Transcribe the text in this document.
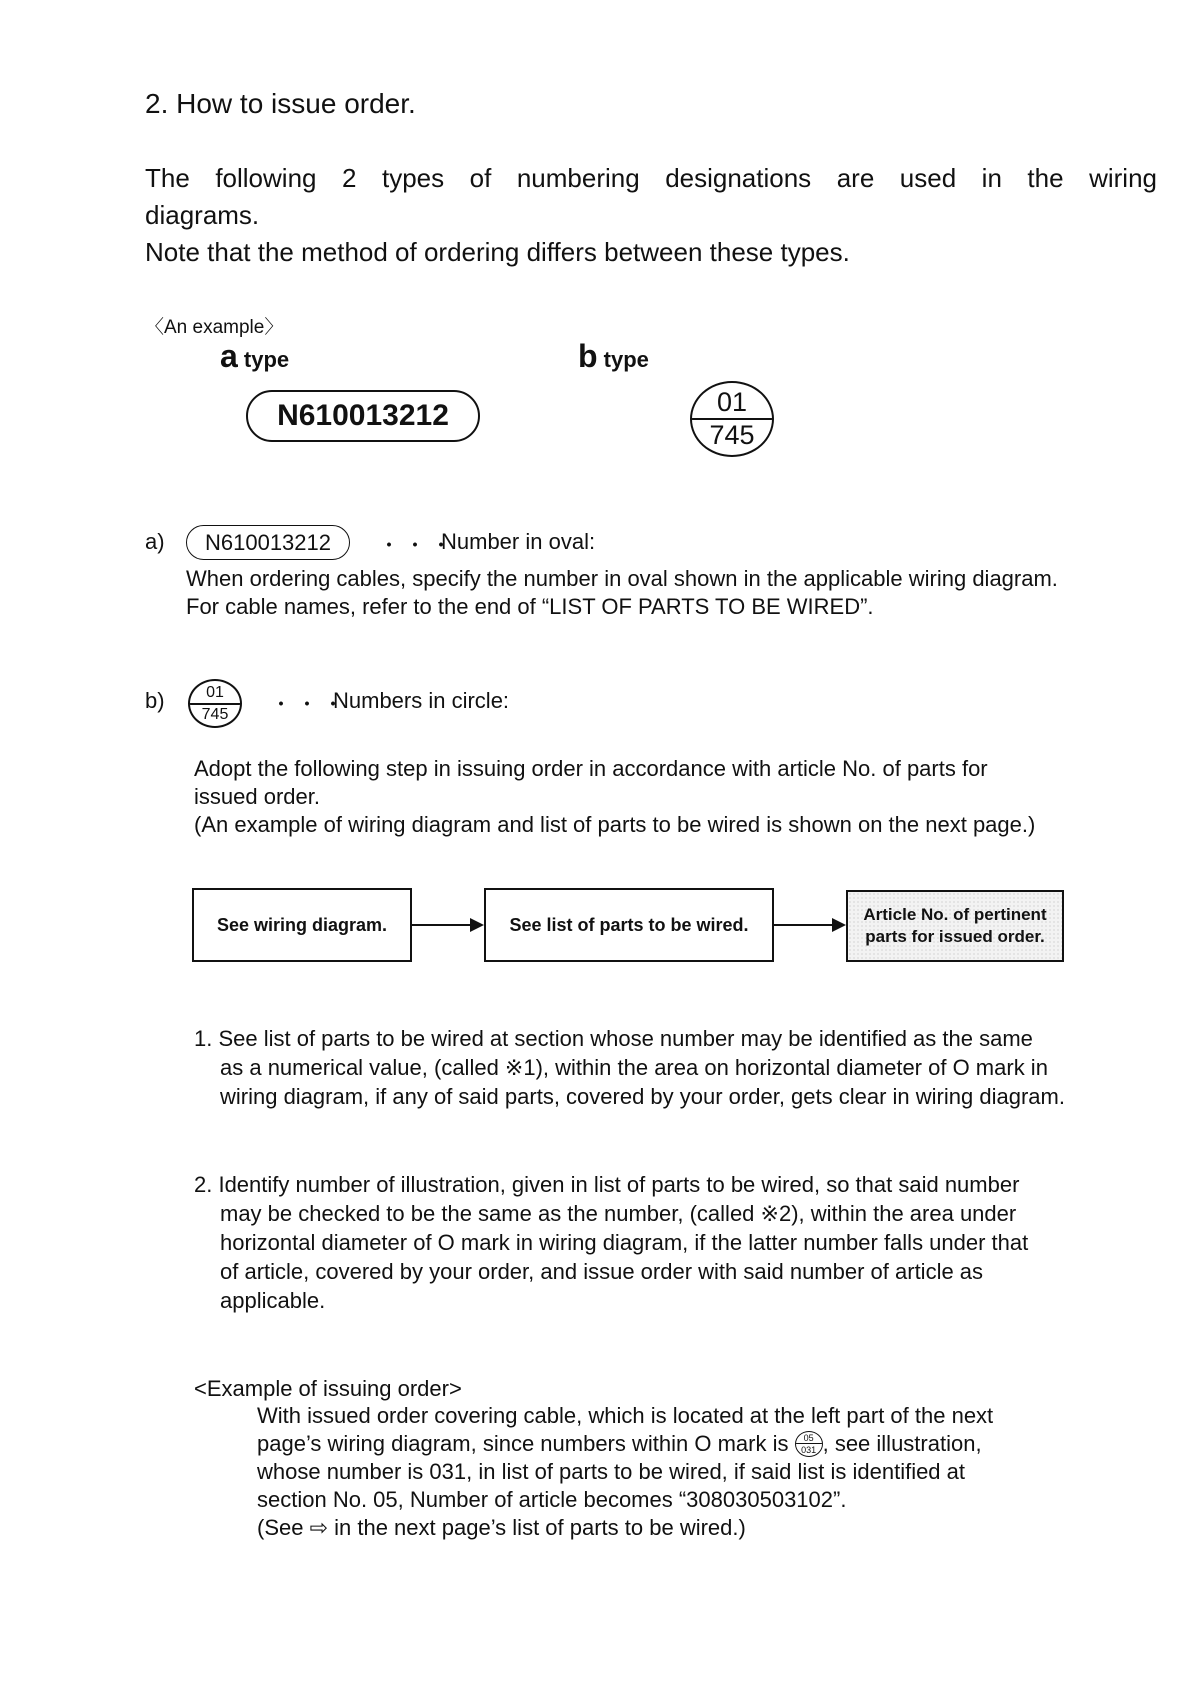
2. How to issue order.
The following 2 types of numbering designations are used in the wiring
diagrams.
Note that the method of ordering differs between these types.
〈An example〉
a type	b type
N610013212	01
745
a)	N610013212	・・・
Number in oval:
When ordering cables, specify the number in oval shown in the applicable wiring diagram.
For cable names, refer to the end of “LIST OF PARTS TO BE WIRED”.
b)	01
745	・・・
Numbers in circle:
Adopt the following step in issuing order in accordance with article No. of parts for
issued order.
(An example of wiring diagram and list of parts to be wired is shown on the next page.)
See wiring diagram.	See list of parts to be wired.	Article No. of pertinent
parts for issued order.
1. See list of parts to be wired at section whose number may be identified as the same
as a numerical value, (called ※1), within the area on horizontal diameter of O mark in
wiring diagram, if any of said parts, covered by your order, gets clear in wiring diagram.
2. Identify number of illustration, given in list of parts to be wired, so that said number
may be checked to be the same as the number, (called ※2), within the area under
horizontal diameter of O mark in wiring diagram, if the latter number falls under that
of article, covered by your order, and issue order with said number of article as
applicable.
<Example of issuing order>
With issued order covering cable, which is located at the left part of the next
page’s wiring diagram, since numbers within O mark is $\frac{05}{031}$ , see illustration,
whose number is 031, in list of parts to be wired, if said list is identified at
section No. 05, Number of article becomes “308030503102”.
(See ⇨ in the next page’s list of parts to be wired.)
